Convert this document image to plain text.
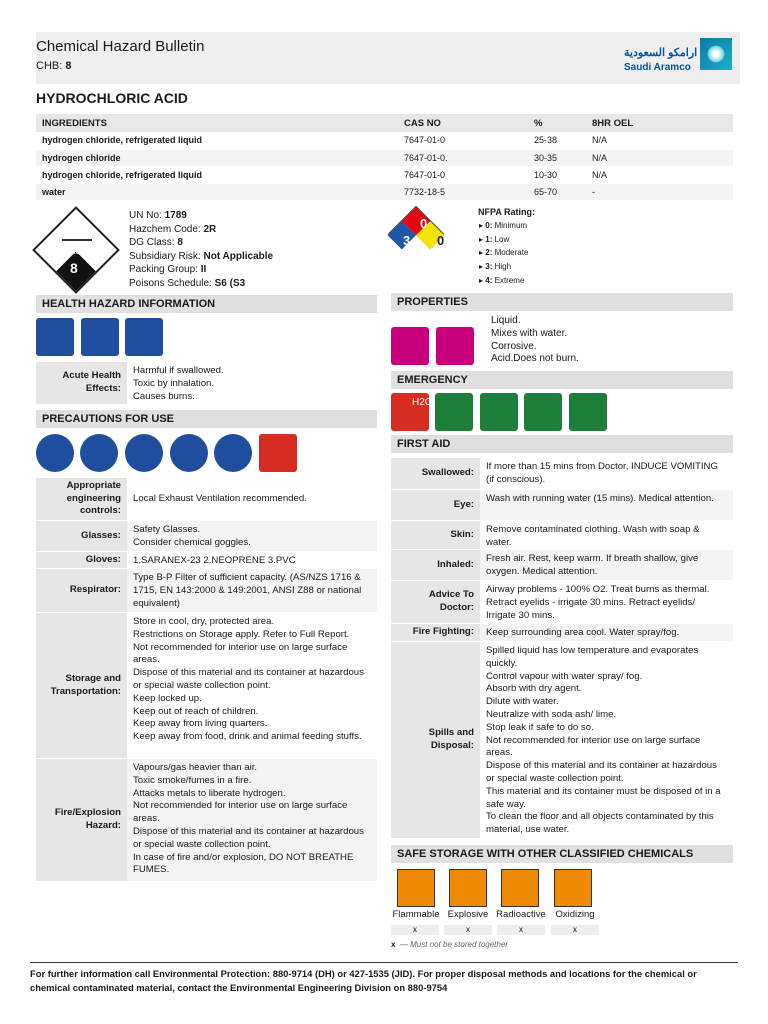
Chemical Hazard Bulletin
CHB: 8
ارامكو السعودية
Saudi Aramco
HYDROCHLORIC ACID
INGREDIENTS	CAS NO	%	8HR OEL
hydrogen chloride, refrigerated liquid	7647-01-0	25-38	N/A
hydrogen chloride	7647-01-0.	30-35	N/A
hydrogen chloride, refrigerated liquid	7647-01-0	10-30	N/A
water	7732-18-5	65-70	-
CORROSIVE
8
UN No: 1789
Hazchem Code: 2R
DG Class: 8
Subsidiary Risk: Not Applicable
Packing Group: II
Poisons Schedule: S6 (S3
0
3 0
NFPA Rating:
▸ 0: Minimum
▸ 1: Low
▸ 2: Moderate
▸ 3: High
▸ 4: Extreme
HEALTH HAZARD INFORMATION
Acute Health Effects:
Harmful if swallowed.
Toxic by inhalation.
Causes burns.
PRECAUTIONS FOR USE
Appropriate engineering controls:
Local Exhaust Ventilation recommended.
Glasses:
Safety Glasses.
Consider chemical goggles.
Gloves:	1.SARANEX-23 2.NEOPRENE 3.PVC
Respirator:
Type B-P Filter of sufficient capacity. (AS/NZS 1716 & 1715, EN 143:2000 & 149:2001, ANSI Z88 or national equivalent)
Storage and Transportation:
Store in cool, dry, protected area.
Restrictions on Storage apply. Refer to Full Report.
Not recommended for interior use on large surface areas.
Dispose of this material and its container at hazardous or special waste collection point.
Keep locked up.
Keep out of reach of children.
Keep away from living quarters.
Keep away from food, drink and animal feeding stuffs.
Fire/Explosion Hazard:
Vapours/gas heavier than air.
Toxic smoke/fumes in a fire.
Attacks metals to liberate hydrogen.
Not recommended for interior use on large surface areas.
Dispose of this material and its container at hazardous or special waste collection point.
In case of fire and/or explosion, DO NOT BREATHE FUMES.
PROPERTIES
Liquid.
Mixes with water.
Corrosive.
Acid.Does not burn.
EMERGENCY
H2O
FIRST AID
Swallowed:
If more than 15 mins from Doctor, INDUCE VOMITING (if conscious).
Eye:
Wash with running water (15 mins). Medical attention.
Skin:	Remove contaminated clothing. Wash with soap & water.
Inhaled:
Fresh air. Rest, keep warm. If breath shallow, give oxygen. Medical attention.
Advice To Doctor:
Airway problems - 100% O2. Treat burns as thermal. Retract eyelids - irrigate 30 mins. Retract eyelids/ Irrigate 30 mins.
Fire Fighting:	Keep surrounding area cool. Water spray/fog.
Spills and Disposal:
Spilled liquid has low temperature and evaporates quickly.
Control vapour with water spray/ fog.
Absorb with dry agent.
Dilute with water.
Neutralize with soda ash/ lime.
Stop leak if safe to do so.
Not recommended for interior use on large surface areas.
Dispose of this material and its container at hazardous or special waste collection point.
This material and its container must be disposed of in a safe way.
To clean the floor and all objects contaminated by this material, use water.
SAFE STORAGE WITH OTHER CLASSIFIED CHEMICALS
Flammable Explosive Radioactive	Oxidizing
x	x	x	x
x — Must not be stored together
For further information call Environmental Protection: 880-9714 (DH) or 427-1535 (JID). For proper disposal methods and locations for the chemical or chemical contaminated material, contact the Environmental Engineering Division on 880-9754
